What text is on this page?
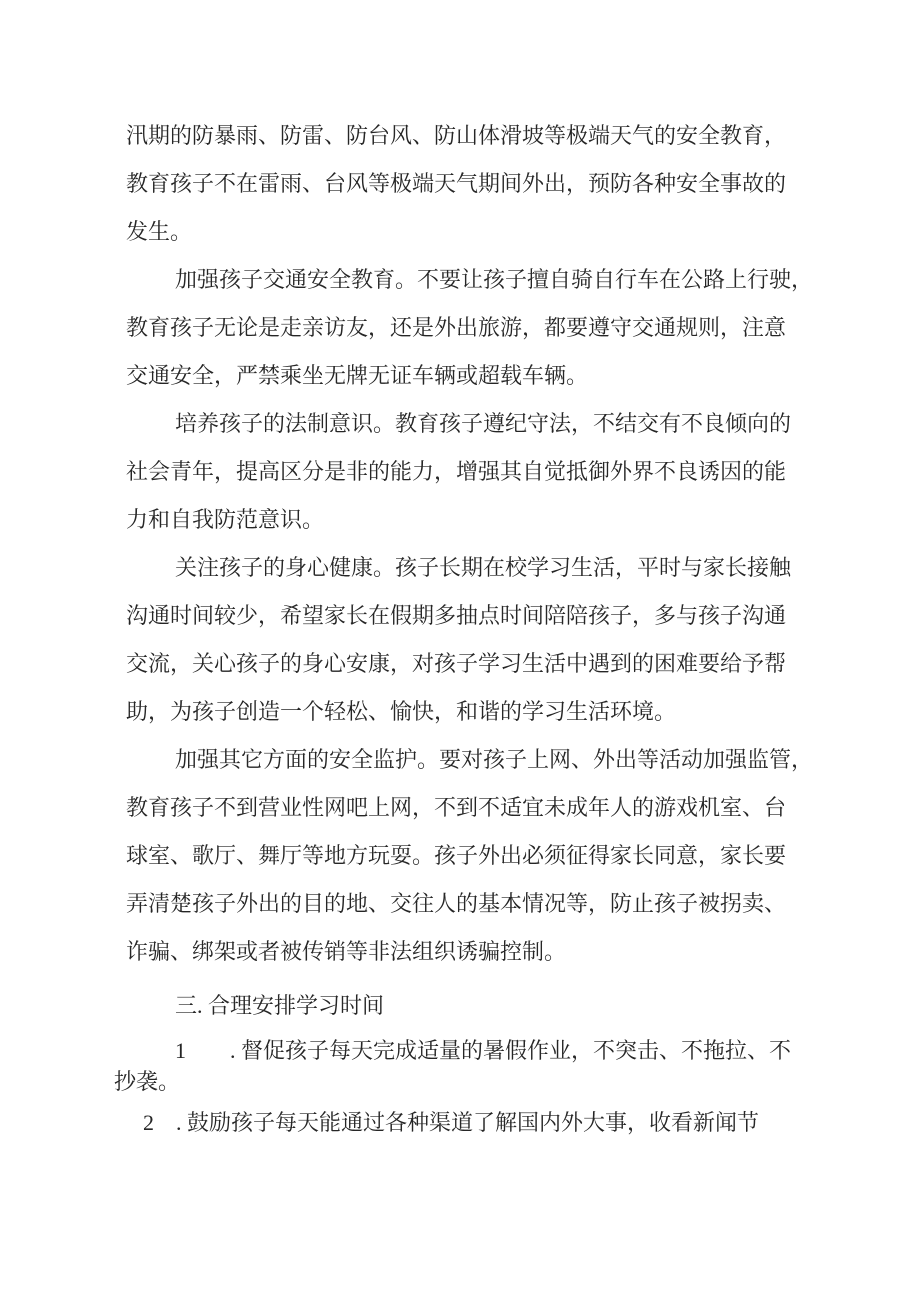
汛期的防暴雨、防雷、防台风、防山体滑坡等极端天气的安全教育，
教育孩子不在雷雨、台风等极端天气期间外出，预防各种安全事故的
发生。
加强孩子交通安全教育。不要让孩子擅自骑自行车在公路上行驶，
教育孩子无论是走亲访友，还是外出旅游，都要遵守交通规则，注意
交通安全，严禁乘坐无牌无证车辆或超载车辆。
培养孩子的法制意识。教育孩子遵纪守法，不结交有不良倾向的
社会青年，提高区分是非的能力，增强其自觉抵御外界不良诱因的能
力和自我防范意识。
关注孩子的身心健康。孩子长期在校学习生活，平时与家长接触
沟通时间较少，希望家长在假期多抽点时间陪陪孩子，多与孩子沟通
交流，关心孩子的身心安康，对孩子学习生活中遇到的困难要给予帮
助，为孩子创造一个轻松、愉快，和谐的学习生活环境。
加强其它方面的安全监护。要对孩子上网、外出等活动加强监管，
教育孩子不到营业性网吧上网，不到不适宜未成年人的游戏机室、台
球室、歌厅、舞厅等地方玩耍。孩子外出必须征得家长同意，家长要
弄清楚孩子外出的目的地、交往人的基本情况等，防止孩子被拐卖、
诈骗、绑架或者被传销等非法组织诱骗控制。
三. 合理安排学习时间
1　　. 督促孩子每天完成适量的暑假作业，不突击、不拖拉、不
抄袭。
2　. 鼓励孩子每天能通过各种渠道了解国内外大事，收看新闻节
